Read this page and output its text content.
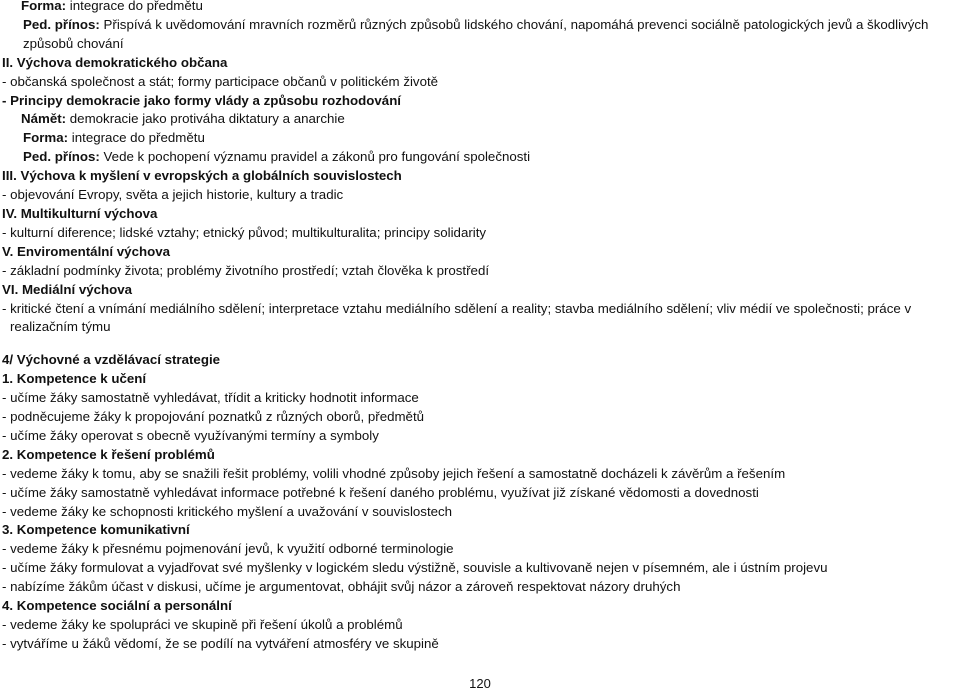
Forma: integrace do předmětu

Ped. přínos: Přispívá k uvědomování mravních rozměrů různých způsobů lidského chování, napomáhá prevenci sociálně patologických jevů a škodlivých způsobů chování

II. Výchova demokratického občana

- občanská společnost a stát; formy participace občanů v politickém životě

- Principy demokracie jako formy vlády a způsobu rozhodování

Námět: demokracie jako protiváha diktatury a anarchie

Forma: integrace do předmětu

Ped. přínos: Vede k pochopení významu pravidel a zákonů pro fungování společnosti

III. Výchova k myšlení v evropských a globálních souvislostech

- objevování Evropy, světa a jejich historie, kultury a tradic

IV. Multikulturní výchova

- kulturní diference; lidské vztahy; etnický původ; multikulturalita; principy solidarity

V. Enviromentální výchova

- základní podmínky života; problémy životního prostředí; vztah člověka k prostředí

VI. Mediální výchova

- kritické čtení a vnímání mediálního sdělení; interpretace vztahu mediálního sdělení a reality; stavba mediálního sdělení; vliv médií ve společnosti; práce v realizačním týmu

4/ Výchovné a vzdělávací strategie

1. Kompetence k učení

- učíme žáky samostatně vyhledávat, třídit a kriticky hodnotit informace

- podněcujeme žáky k propojování poznatků z různých oborů, předmětů

- učíme žáky operovat s obecně využívanými termíny a symboly

2. Kompetence k řešení problémů

- vedeme žáky k tomu, aby se snažili řešit problémy, volili vhodné způsoby jejich řešení a samostatně docházeli k závěrům a řešením

- učíme žáky samostatně vyhledávat informace potřebné k řešení daného problému, využívat již získané vědomosti a dovednosti

- vedeme žáky ke schopnosti kritického myšlení a uvažování v souvislostech

3. Kompetence komunikativní

- vedeme žáky k přesnému pojmenování jevů, k využití odborné terminologie

- učíme žáky formulovat a vyjadřovat své myšlenky v logickém sledu výstižně, souvisle a kultivovaně nejen v písemném, ale i ústním projevu

- nabízíme žákům účast v diskusi, učíme je argumentovat, obhájit svůj názor a zároveň respektovat názory druhých

4. Kompetence sociální a personální

- vedeme žáky ke spolupráci ve skupině při řešení úkolů a problémů

- vytváříme u žáků vědomí, že se podílí na vytváření atmosféry ve skupině

120
